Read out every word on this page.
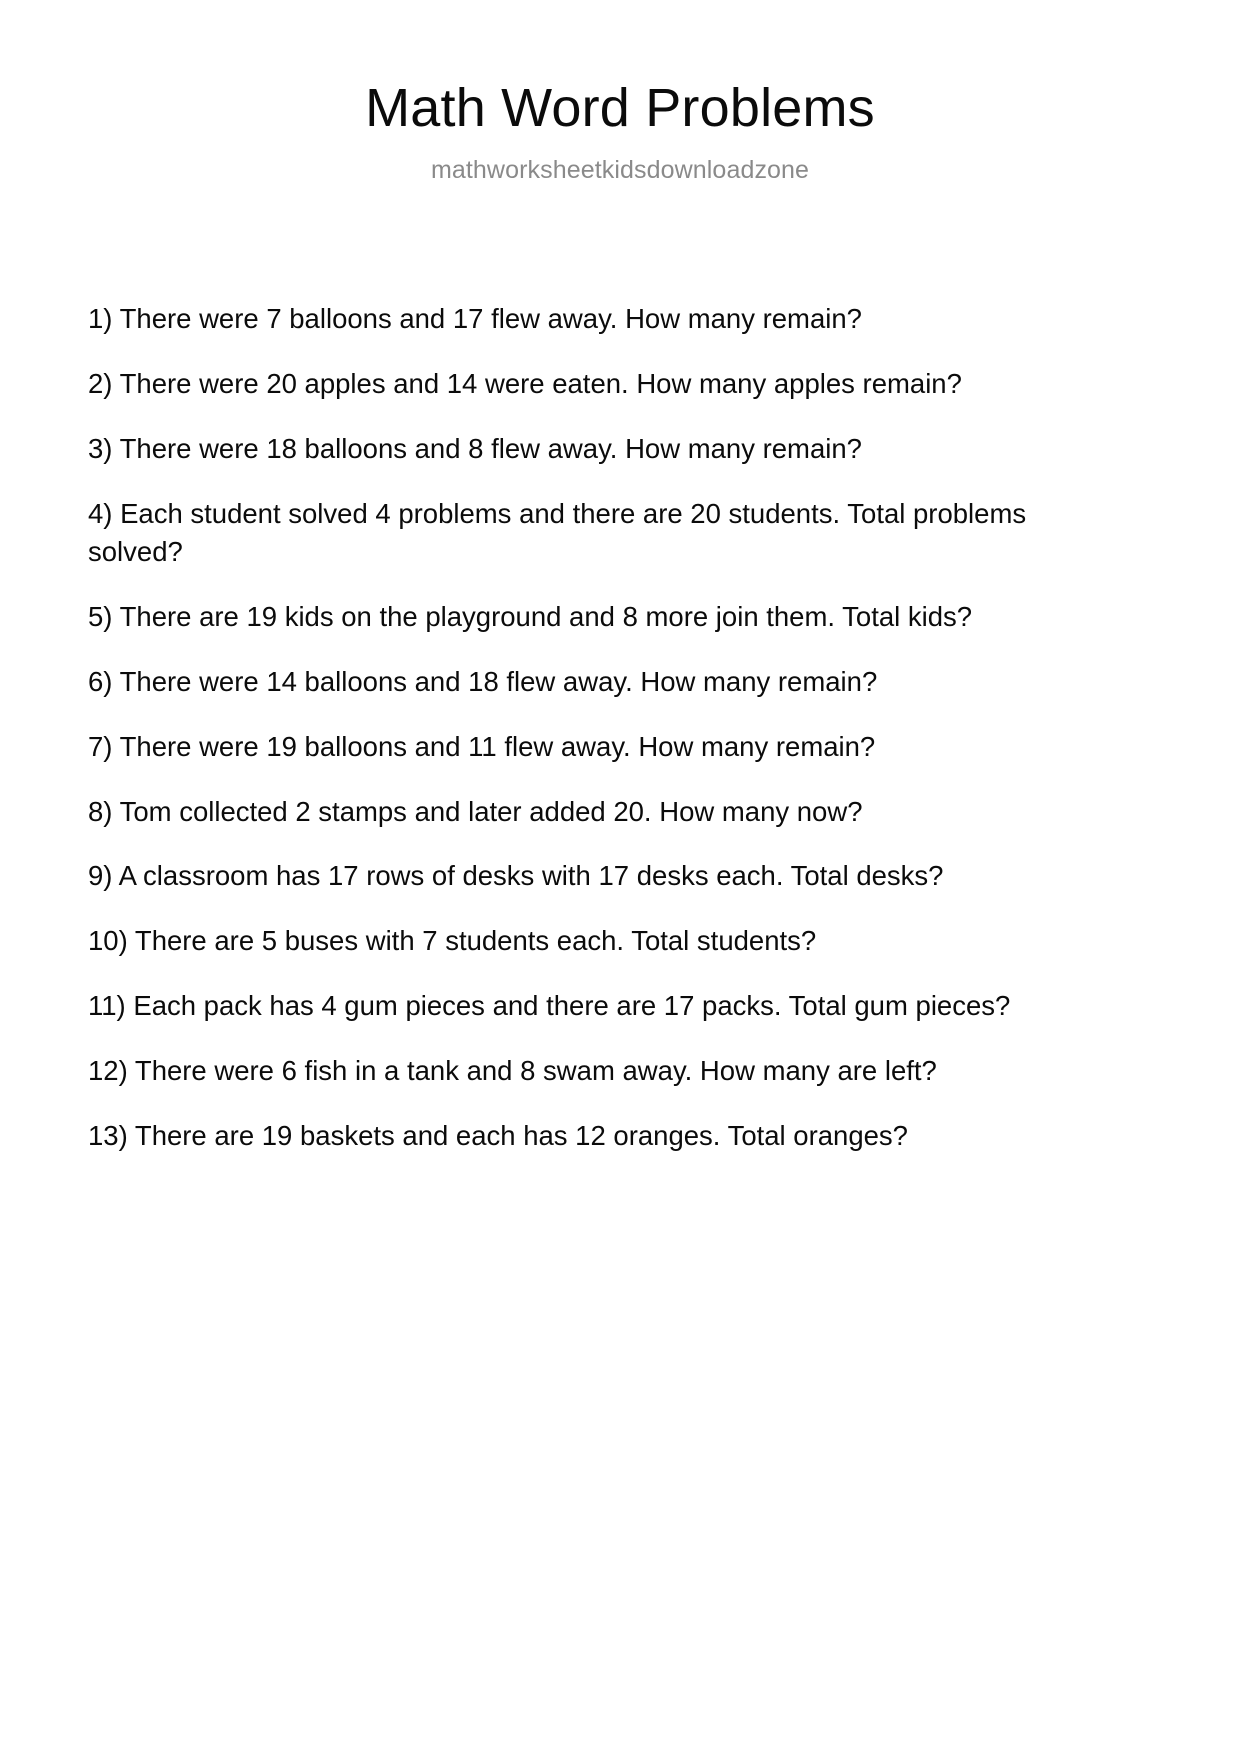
Math Word Problems
mathworksheetkidsdownloadzone
1) There were 7 balloons and 17 flew away. How many remain?
2) There were 20 apples and 14 were eaten. How many apples remain?
3) There were 18 balloons and 8 flew away. How many remain?
4) Each student solved 4 problems and there are 20 students. Total problems solved?
5) There are 19 kids on the playground and 8 more join them. Total kids?
6) There were 14 balloons and 18 flew away. How many remain?
7) There were 19 balloons and 11 flew away. How many remain?
8) Tom collected 2 stamps and later added 20. How many now?
9) A classroom has 17 rows of desks with 17 desks each. Total desks?
10) There are 5 buses with 7 students each. Total students?
11) Each pack has 4 gum pieces and there are 17 packs. Total gum pieces?
12) There were 6 fish in a tank and 8 swam away. How many are left?
13) There are 19 baskets and each has 12 oranges. Total oranges?
